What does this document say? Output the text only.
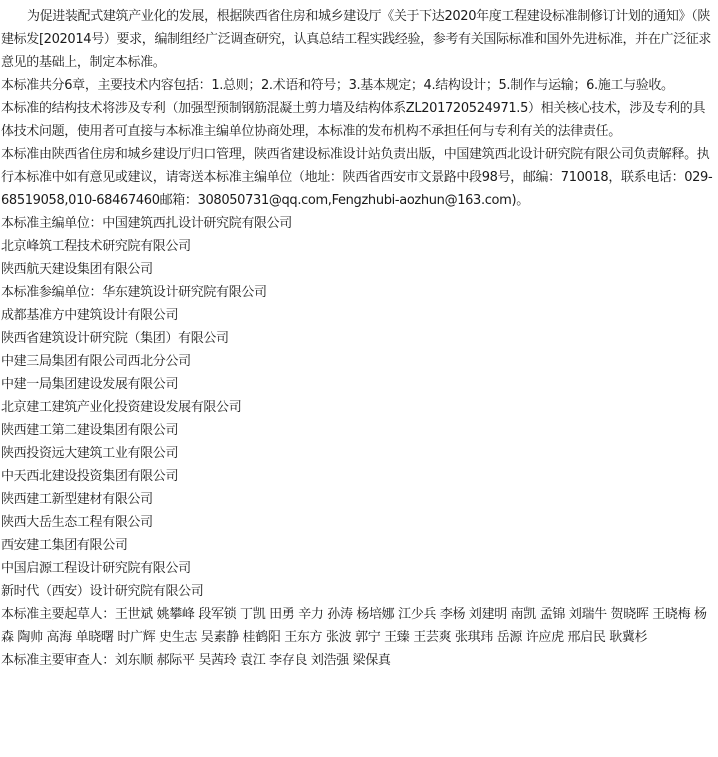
为促进装配式建筑产业化的发展，根据陕西省住房和城乡建设厅《关于下达2020年度工程建设标准制修订计划的通知》（陕建标发[202014号）要求，编制组经广泛调查研究，认真总结工程实践经验，参考有关国际标准和国外先进标准，并在广泛征求意见的基础上，制定本标准。

本标准共分6章，主要技术内容包括：1.总则；2.术语和符号；3.基本规定；4.结构设计；5.制作与运输；6.施工与验收。

本标准的结构技术将涉及专利（加强型预制钢筋混凝土剪力墙及结构体系ZL201720524971.5）相关核心技术，涉及专利的具体技术问题，使用者可直接与本标准主编单位协商处理，本标准的发布机构不承担任何与专利有关的法律责任。

本标准由陕西省住房和城乡建设厅归口管理，陕西省建设标准设计站负责出版，中国建筑西北设计研究院有限公司负责解释。执行本标准中如有意见或建议，请寄送本标准主编单位（地址：陕西省西安市文景路中段98号，邮编：710018，联系电话：029-68519058,010-68467460邮箱：308050731@qq.com,Fengzhubi-aozhun@163.com)。

本标准主编单位：中国建筑西扎设计研究院有限公司

北京峰筑工程技术研究院有限公司

陕西航天建设集团有限公司

本标准参编单位：华东建筑设计研究院有限公司

成都基准方中建筑设计有限公司

陕西省建筑设计研究院（集团）有限公司

中建三局集团有限公司西北分公司

中建一局集团建设发展有限公司

北京建工建筑产业化投资建设发展有限公司

陕西建工第二建设集团有限公司

陕西投资远大建筑工业有限公司

中天西北建设投资集团有限公司

陕西建工新型建材有限公司

陕西大岳生态工程有限公司

西安建工集团有限公司

中国启源工程设计研究院有限公司

新时代（西安）设计研究院有限公司

本标准主要起草人：王世斌 姚攀峰 段军锁 丁凯 田勇 辛力 孙涛 杨培娜 江少兵 李杨 刘建明 南凯 孟锦 刘瑞牛 贺晓晖 王晓梅 杨森 陶帅 高海 单晓曙 时广辉 史生志 吴素静 桂鹤阳 王东方 张波 郭宁 王臻 王芸爽 张琪玮 岳源 许应虎 邢启民 耿冀杉

本标准主要审查人：刘东顺 郝际平 吴茜玲 袁江 李存良 刘浩强 梁保真
